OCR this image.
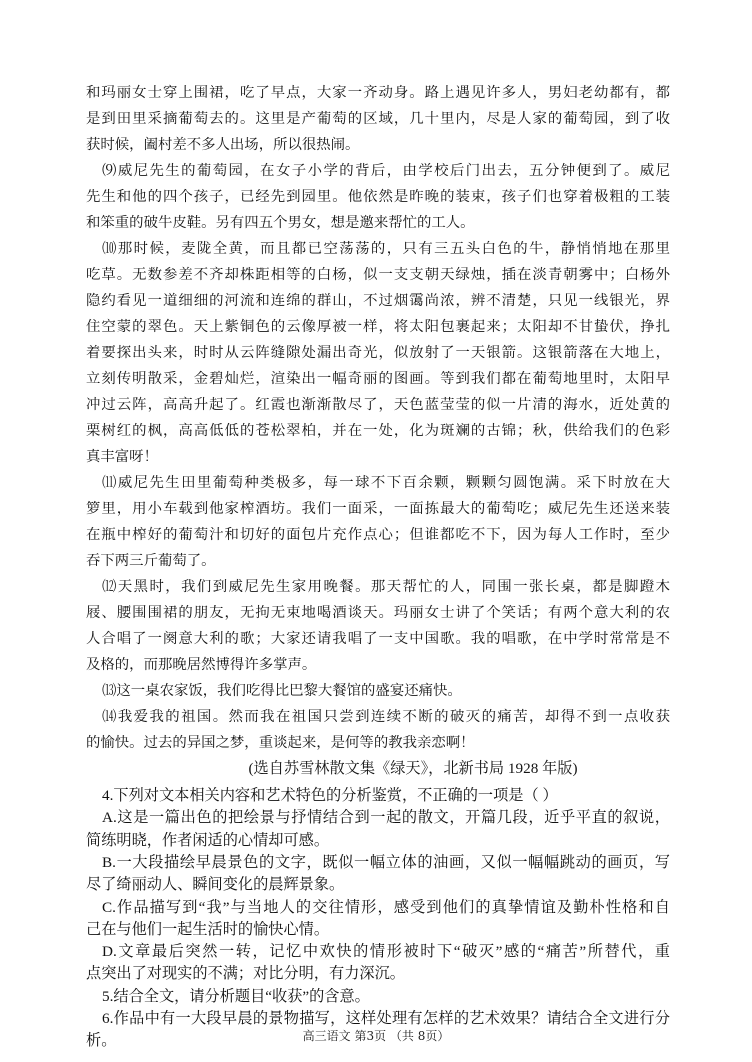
和玛丽女士穿上围裙，吃了早点，大家一齐动身。路上遇见许多人，男妇老幼都有，都
是到田里采摘葡萄去的。这里是产葡萄的区域，几十里内，尽是人家的葡萄园，到了收
获时候，阖村差不多人出场，所以很热闹。
⑼威尼先生的葡萄园，在女子小学的背后，由学校后门出去，五分钟便到了。威尼
先生和他的四个孩子，已经先到园里。他依然是昨晚的装束，孩子们也穿着极粗的工装
和笨重的破牛皮鞋。另有四五个男女，想是邀来帮忙的工人。
⑽那时候，麦陇全黄，而且都已空荡荡的，只有三五头白色的牛，静悄悄地在那里
吃草。无数参差不齐却株距相等的白杨，似一支支朝天绿烛，插在淡青朝雾中；白杨外
隐约看见一道细细的河流和连绵的群山，不过烟霭尚浓，辨不清楚，只见一线银光，界
住空蒙的翠色。天上紫铜色的云像厚被一样，将太阳包裹起来；太阳却不甘蛰伏，挣扎
着要探出头来，时时从云阵缝隙处漏出奇光，似放射了一天银箭。这银箭落在大地上，
立刻传明散采，金碧灿烂，渲染出一幅奇丽的图画。等到我们都在葡萄地里时，太阳早
冲过云阵，高高升起了。红霞也渐渐散尽了，天色蓝莹莹的似一片清的海水，近处黄的
栗树红的枫，高高低低的苍松翠柏，并在一处，化为斑斓的古锦；秋，供给我们的色彩
真丰富呀！
⑾威尼先生田里葡萄种类极多，每一球不下百余颗，颗颗匀圆饱满。采下时放在大
箩里，用小车载到他家榨酒坊。我们一面采，一面拣最大的葡萄吃；威尼先生还送来装
在瓶中榨好的葡萄汁和切好的面包片充作点心；但谁都吃不下，因为每人工作时，至少
吞下两三斤葡萄了。
⑿天黑时，我们到威尼先生家用晚餐。那天帮忙的人，同围一张长桌，都是脚蹬木
屐、腰围围裙的朋友，无拘无束地喝酒谈天。玛丽女士讲了个笑话；有两个意大利的农
人合唱了一阕意大利的歌；大家还请我唱了一支中国歌。我的唱歌，在中学时常常是不
及格的，而那晚居然博得许多掌声。
⒀这一桌农家饭，我们吃得比巴黎大餐馆的盛宴还痛快。
⒁我爱我的祖国。然而我在祖国只尝到连续不断的破灭的痛苦，却得不到一点收获
的愉快。过去的异国之梦，重谈起来，是何等的教我亲恋啊！
(选自苏雪林散文集《绿天》，北新书局 1928 年版)
4.下列对文本相关内容和艺术特色的分析鉴赏，不正确的一项是（ ）
A.这是一篇出色的把绘景与抒情结合到一起的散文，开篇几段，近乎平直的叙说，
简练明晓，作者闲适的心情却可感。
B.一大段描绘早晨景色的文字，既似一幅立体的油画，又似一幅幅跳动的画页，写
尽了绮丽动人、瞬间变化的晨辉景象。
C.作品描写到“我”与当地人的交往情形，感受到他们的真挚情谊及勤朴性格和自
己在与他们一起生活时的愉快心情。
D.文章最后突然一转，记忆中欢快的情形被时下“破灭”感的“痛苦”所替代，重
点突出了对现实的不满；对比分明，有力深沉。
5.结合全文，请分析题目“收获”的含意。
6.作品中有一大段早晨的景物描写，这样处理有怎样的艺术效果？请结合全文进行分
析。	高三语文 第3页 （共 8页）
